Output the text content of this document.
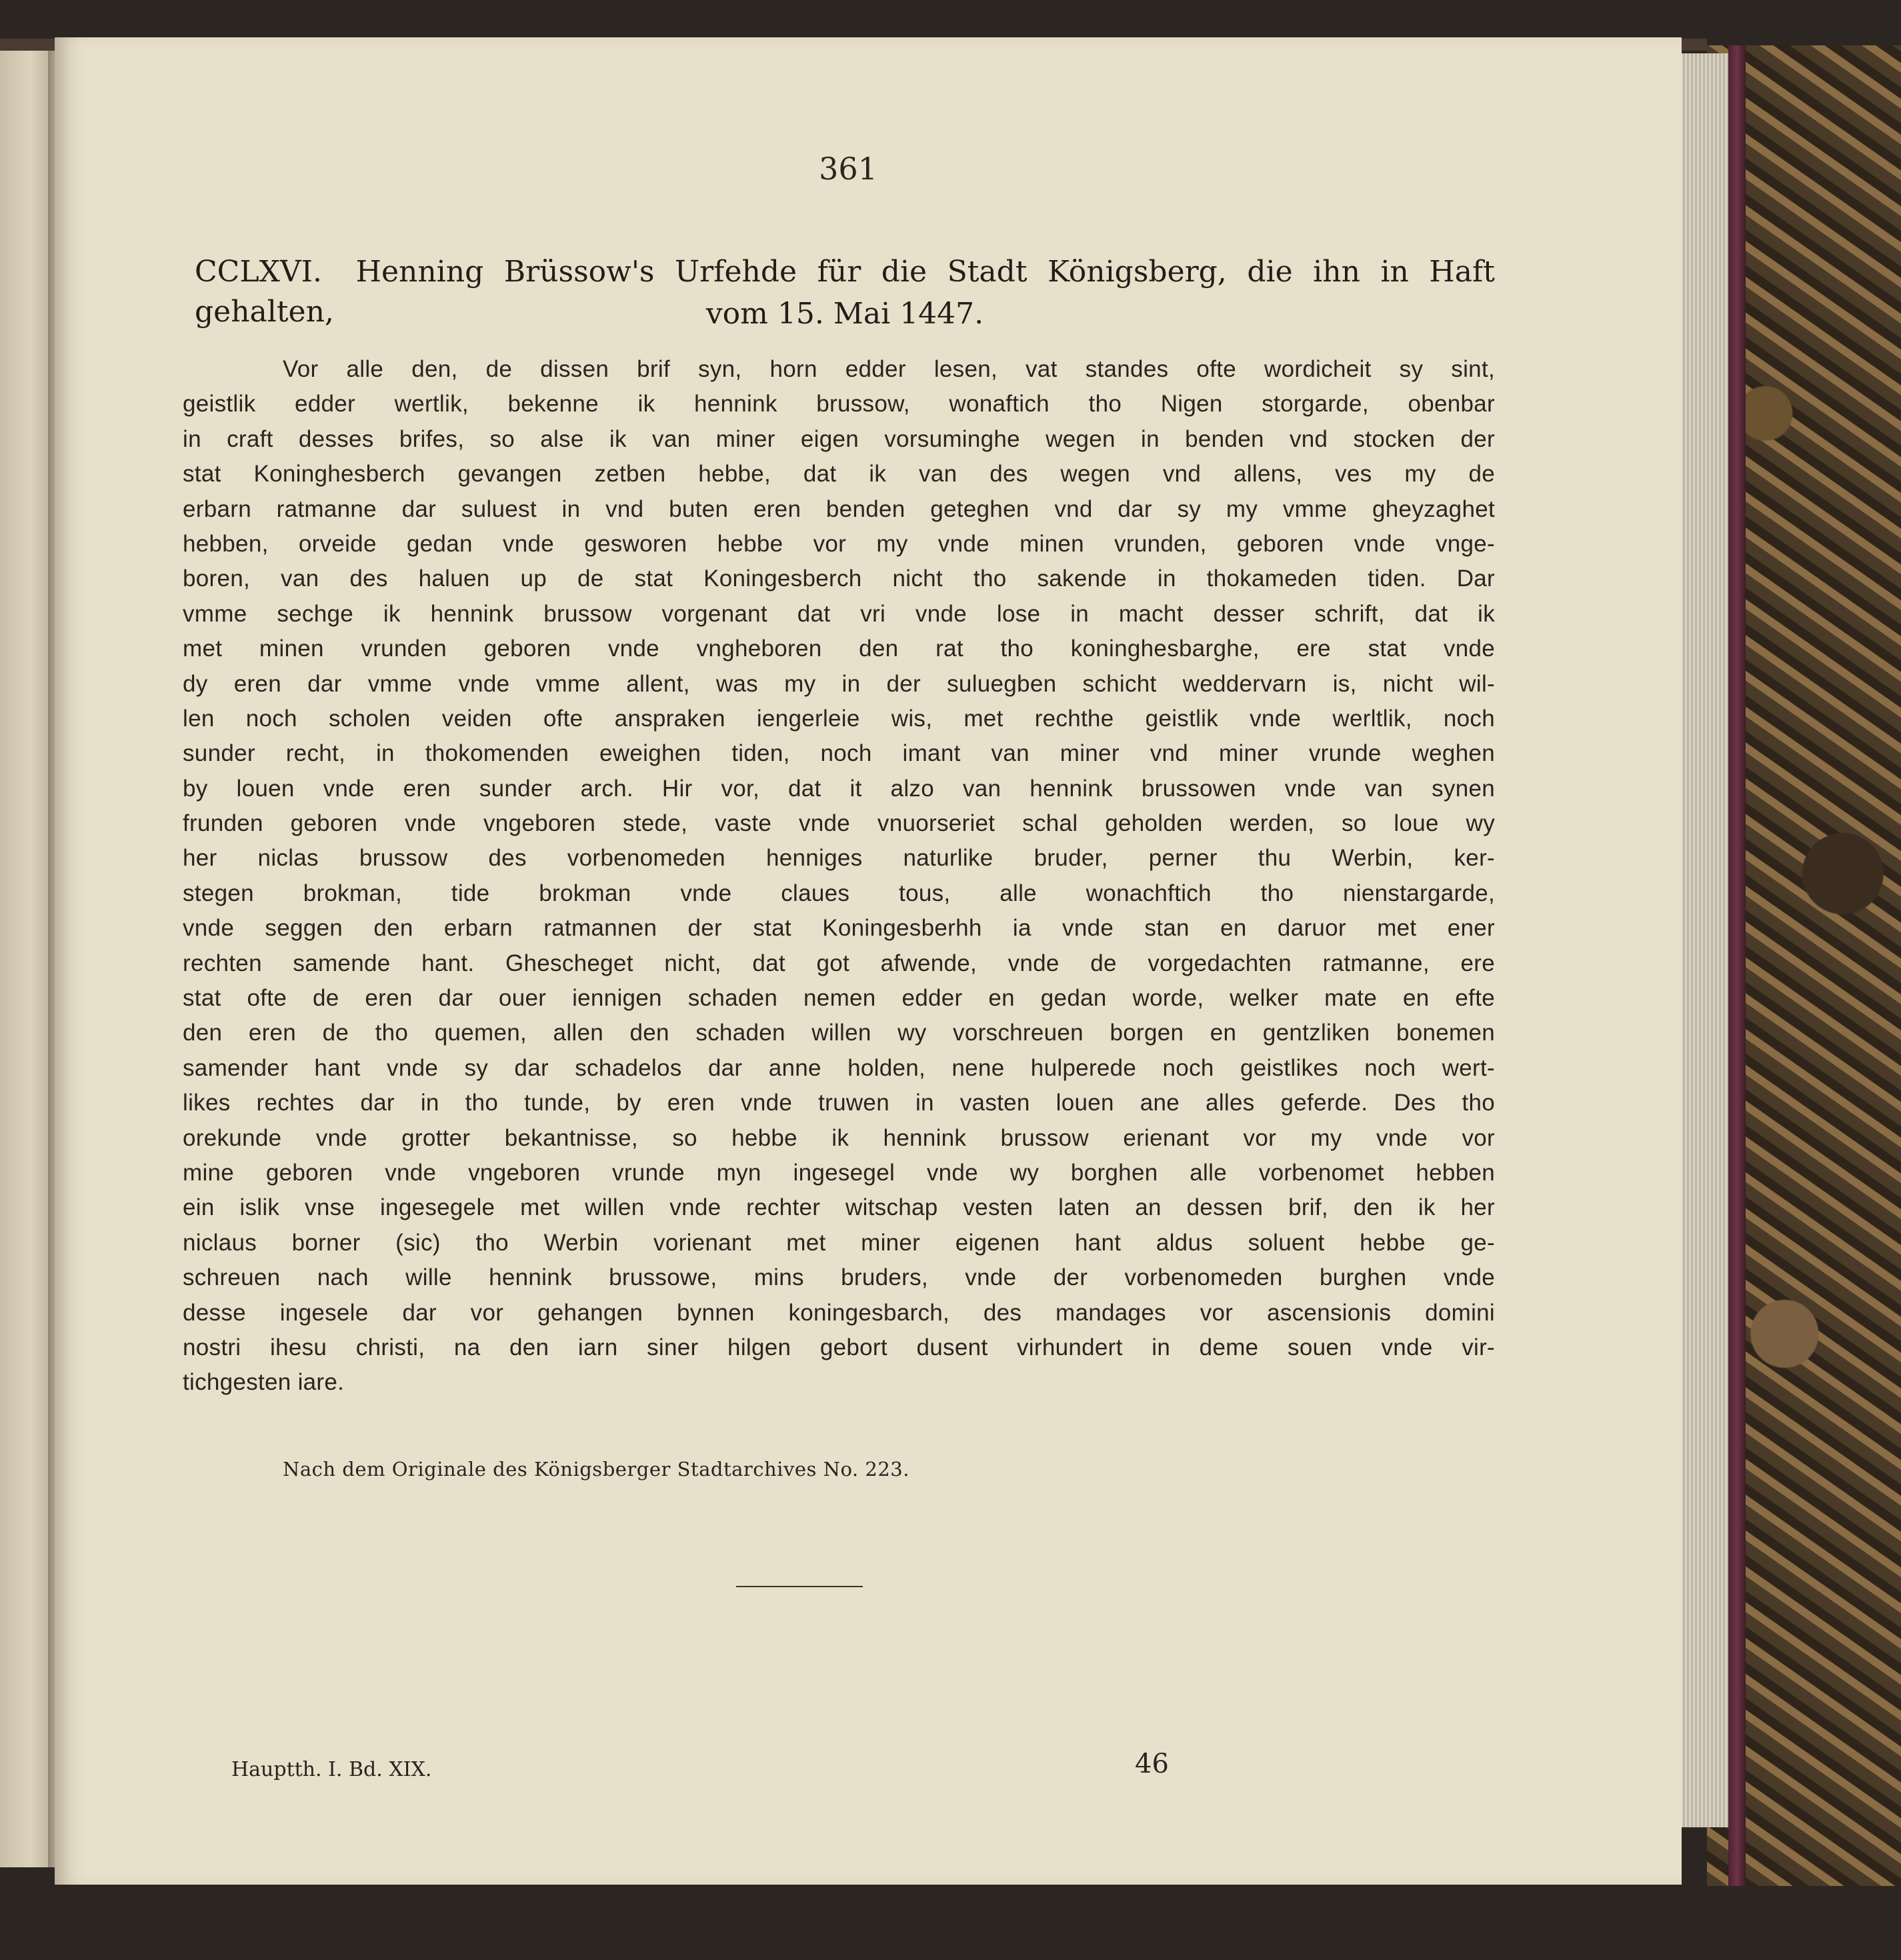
361
CCLXVI. Henning Brüssow's Urfehde für die Stadt Königsberg, die ihn in Haft gehalten,	vom 15. Mai 1447.
Vor alle den, de dissen brif syn, horn edder lesen, vat standes ofte wordicheit sy sint,
geistlik edder wertlik, bekenne ik hennink brussow, wonaftich tho Nigen storgarde, obenbar
in craft desses brifes, so alse ik van miner eigen vorsuminghe wegen in benden vnd stocken der
stat Koninghesberch gevangen zetben hebbe, dat ik van des wegen vnd allens, ves my de
erbarn ratmanne dar suluest in vnd buten eren benden geteghen vnd dar sy my vmme gheyzaghet
hebben, orveide gedan vnde gesworen hebbe vor my vnde minen vrunden, geboren vnde vnge-
boren, van des haluen up de stat Koningesberch nicht tho sakende in thokameden tiden. Dar
vmme sechge ik hennink brussow vorgenant dat vri vnde lose in macht desser schrift, dat ik
met minen vrunden geboren vnde vngheboren den rat tho koninghesbarghe, ere stat vnde
dy eren dar vmme vnde vmme allent, was my in der suluegben schicht weddervarn is, nicht wil-
len noch scholen veiden ofte anspraken iengerleie wis, met rechthe geistlik vnde werltlik, noch
sunder recht, in thokomenden eweighen tiden, noch imant van miner vnd miner vrunde weghen
by louen vnde eren sunder arch. Hir vor, dat it alzo van hennink brussowen vnde van synen
frunden geboren vnde vngeboren stede, vaste vnde vnuorseriet schal geholden werden, so loue wy
her niclas brussow des vorbenomeden henniges naturlike bruder, perner thu Werbin, ker-
stegen brokman, tide brokman vnde claues tous, alle wonachftich tho nienstargarde,
vnde seggen den erbarn ratmannen der stat Koningesberhh ia vnde stan en daruor met ener
rechten samende hant. Ghescheget nicht, dat got afwende, vnde de vorgedachten ratmanne, ere
stat ofte de eren dar ouer iennigen schaden nemen edder en gedan worde, welker mate en efte
den eren de tho quemen, allen den schaden willen wy vorschreuen borgen en gentzliken bonemen
samender hant vnde sy dar schadelos dar anne holden, nene hulperede noch geistlikes noch wert-
likes rechtes dar in tho tunde, by eren vnde truwen in vasten louen ane alles geferde. Des tho
orekunde vnde grotter bekantnisse, so hebbe ik hennink brussow erienant vor my vnde vor
mine geboren vnde vngeboren vrunde myn ingesegel vnde wy borghen alle vorbenomet hebben
ein islik vnse ingesegele met willen vnde rechter witschap vesten laten an dessen brif, den ik her
niclaus borner (sic) tho Werbin vorienant met miner eigenen hant aldus soluent hebbe ge-
schreuen nach wille hennink brussowe, mins bruders, vnde der vorbenomeden burghen vnde
desse ingesele dar vor gehangen bynnen koningesbarch, des mandages vor ascensionis domini
nostri ihesu christi, na den iarn siner hilgen gebort dusent virhundert in deme souen vnde vir-
tichgesten iare.
Nach dem Originale des Königsberger Stadtarchives No. 223.
Hauptth. I. Bd. XIX.	46
